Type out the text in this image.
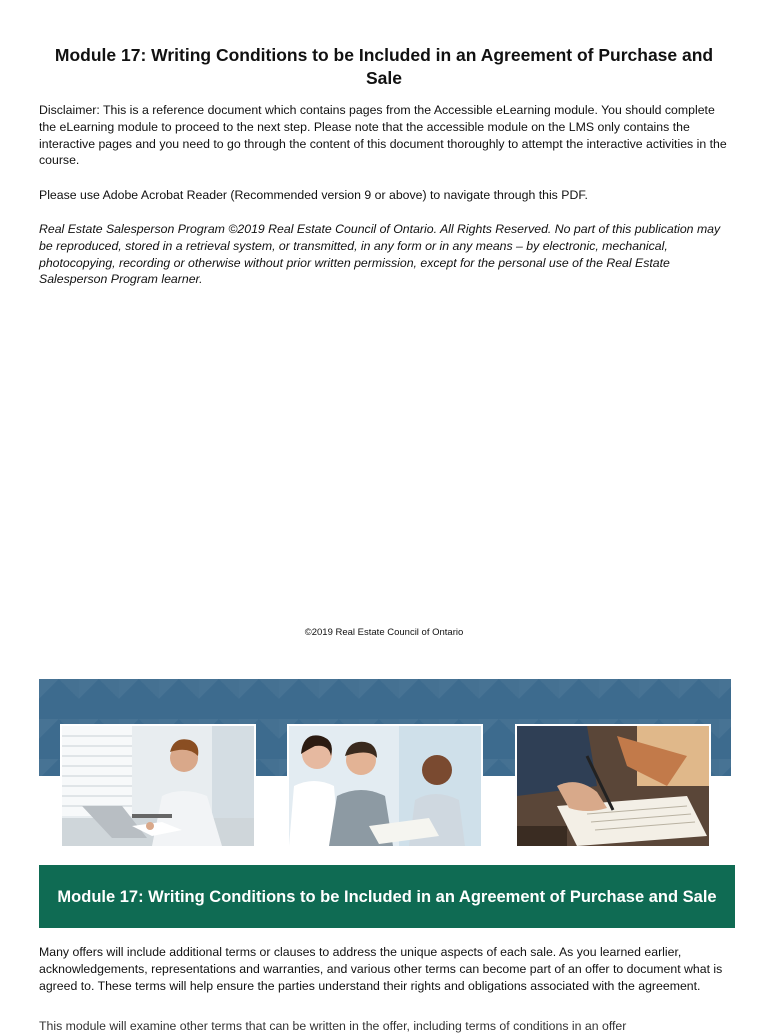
Module 17: Writing Conditions to be Included in an Agreement of Purchase and Sale

Disclaimer: This is a reference document which contains pages from the Accessible eLearning module. You should complete the eLearning module to proceed to the next step. Please note that the accessible module on the LMS only contains the interactive pages and you need to go through the content of this document thoroughly to attempt the interactive activities in the course.

Please use Adobe Acrobat Reader (Recommended version 9 or above) to navigate through this PDF.

Real Estate Salesperson Program ©2019 Real Estate Council of Ontario. All Rights Reserved. No part of this publication may be reproduced, stored in a retrieval system, or transmitted, in any form or in any means – by electronic, mechanical, photocopying, recording or otherwise without prior written permission, except for the personal use of the Real Estate Salesperson Program learner.

©2019 Real Estate Council of Ontario

Module 17: Writing Conditions to be Included in an Agreement of Purchase and Sale

Many offers will include additional terms or clauses to address the unique aspects of each sale. As you learned earlier, acknowledgements, representations and warranties, and various other terms can become part of an offer to document what is agreed to. These terms will help ensure the parties understand their rights and obligations associated with the agreement.

This module will examine other terms that can be written in the offer, including terms of conditions in an offer
